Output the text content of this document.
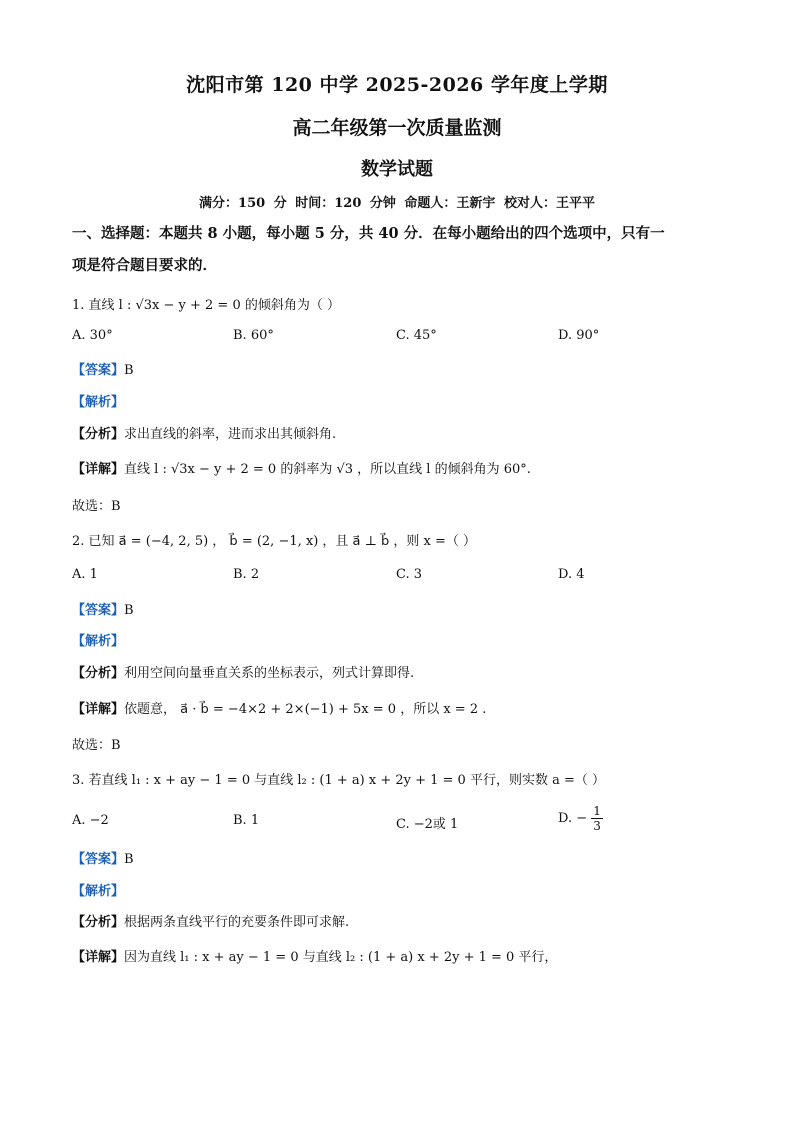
沈阳市第 120 中学 2025-2026 学年度上学期
高二年级第一次质量监测
数学试题
满分：150 分 时间：120 分钟 命题人：王新宇 校对人：王平平
一、选择题：本题共 8 小题，每小题 5 分，共 40 分．在每小题给出的四个选项中，只有一
项是符合题目要求的．
1. 直线 l : √3x − y + 2 = 0 的倾斜角为（ ）
A. 30°	B. 60°	C. 45°	D. 90°
【答案】B
【解析】
【分析】求出直线的斜率，进而求出其倾斜角.
【详解】直线 l : √3x − y + 2 = 0 的斜率为 √3 ，所以直线 l 的倾斜角为 60°.
故选：B
2. 已知 a⃗ = (−4, 2, 5) ， b⃗ = (2, −1, x) ，且 a⃗ ⊥ b⃗ ，则 x =（ ）
A. 1	B. 2	C. 3	D. 4
【答案】B
【解析】
【分析】利用空间向量垂直关系的坐标表示，列式计算即得.
【详解】依题意， a⃗ · b⃗ = −4×2 + 2×(−1) + 5x = 0 ，所以 x = 2 .
故选：B
3. 若直线 l₁ : x + ay − 1 = 0 与直线 l₂ : (1 + a) x + 2y + 1 = 0 平行，则实数 a =（ ）
A. −2	B. 1	C. −2或 1	D. − $\frac{1}{3}$
【答案】B
【解析】
【分析】根据两条直线平行的充要条件即可求解.
【详解】因为直线 l₁ : x + ay − 1 = 0 与直线 l₂ : (1 + a) x + 2y + 1 = 0 平行，
